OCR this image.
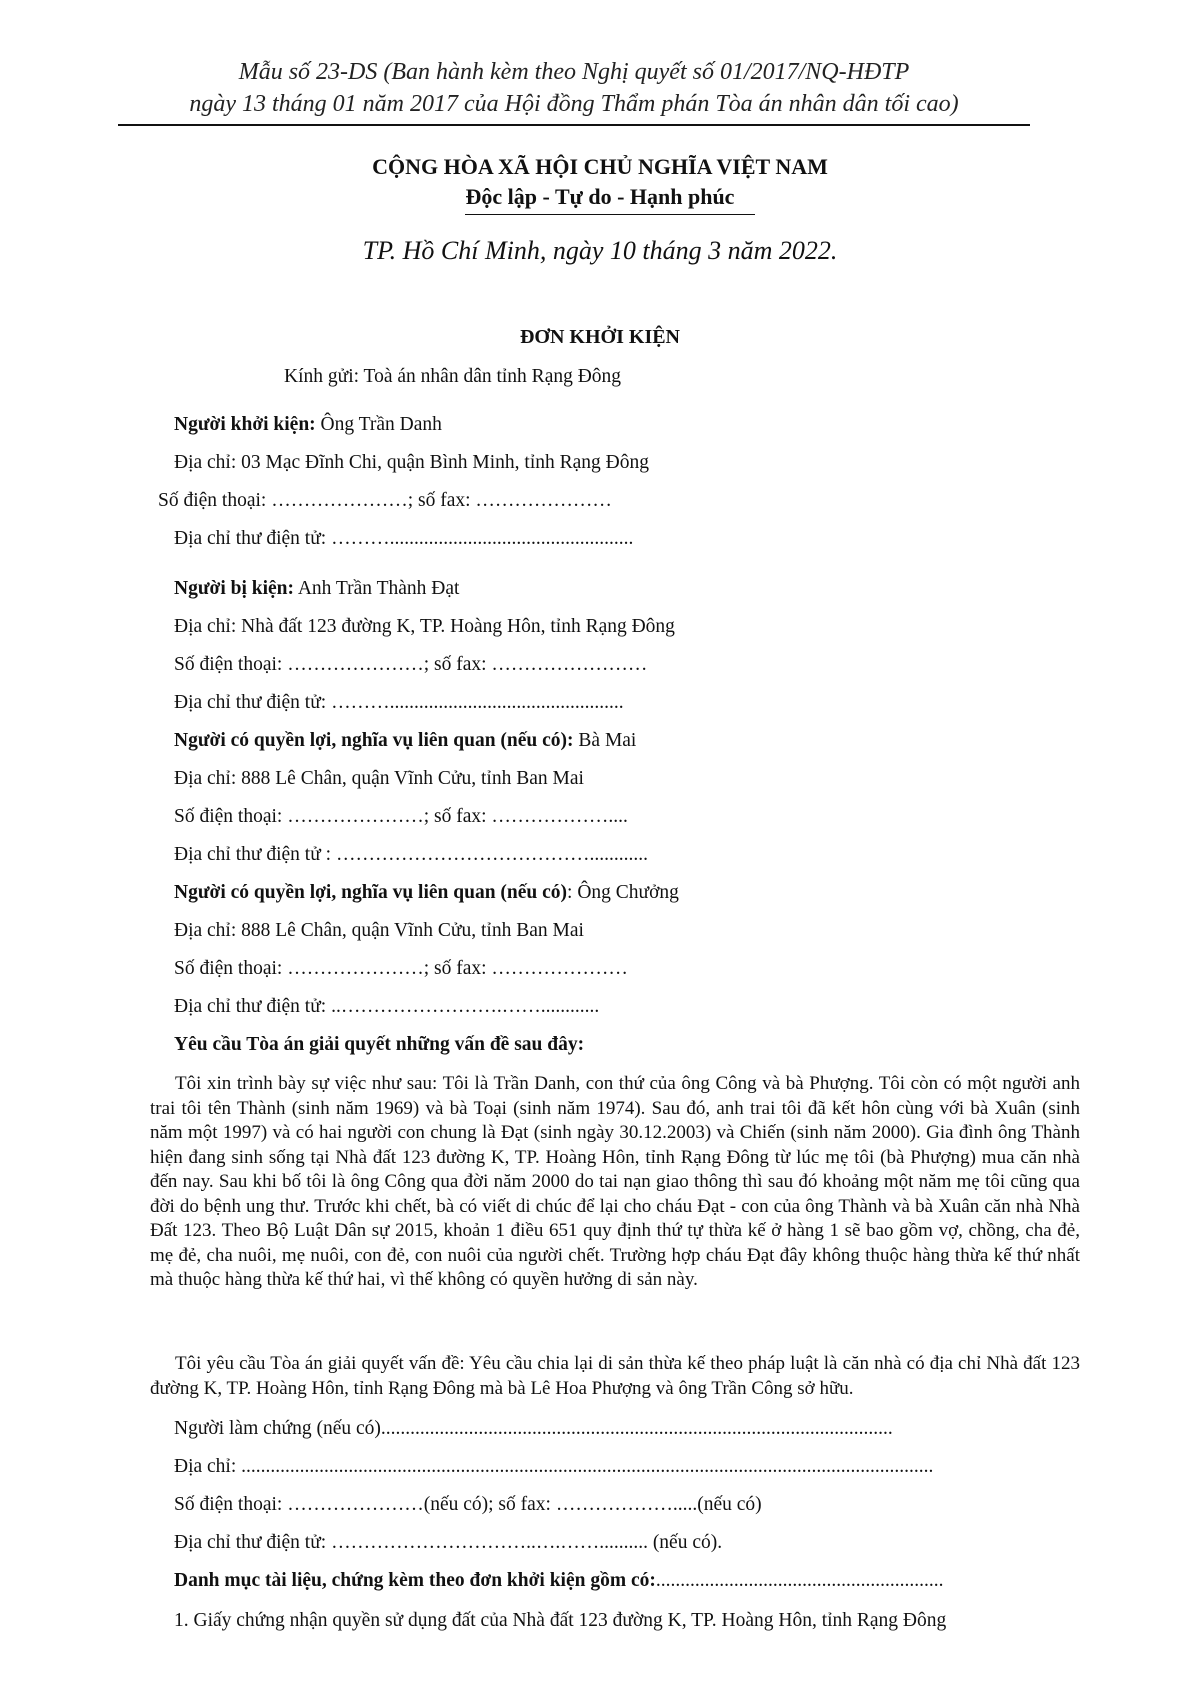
Mẫu số 23-DS (Ban hành kèm theo Nghị quyết số 01/2017/NQ-HĐTP
ngày 13 tháng 01 năm 2017 của Hội đồng Thẩm phán Tòa án nhân dân tối cao)
CỘNG HÒA XÃ HỘI CHỦ NGHĨA VIỆT NAM
Độc lập - Tự do - Hạnh phúc
TP. Hồ Chí Minh, ngày 10 tháng 3 năm 2022.
ĐƠN KHỞI KIỆN
Kính gửi: Toà án nhân dân tỉnh Rạng Đông
Người khởi kiện: Ông Trần Danh
Địa chỉ: 03 Mạc Đĩnh Chi, quận Bình Minh, tỉnh Rạng Đông
Số điện thoại: …………………; số fax: …………………
Địa chỉ thư điện tử: ………..................................................
Người bị kiện: Anh Trần Thành Đạt
Địa chỉ: Nhà đất 123 đường K, TP. Hoàng Hôn, tỉnh Rạng Đông
Số điện thoại: …………………; số fax: ……………………
Địa chỉ thư điện tử: ………................................................
Người có quyền lợi, nghĩa vụ liên quan (nếu có): Bà Mai
Địa chỉ: 888 Lê Chân, quận Vĩnh Cửu, tỉnh Ban Mai
Số điện thoại: …………………; số fax: ………………....
Địa chỉ thư điện tử : …………………………………............
Người có quyền lợi, nghĩa vụ liên quan (nếu có): Ông Chưởng
Địa chỉ: 888 Lê Chân, quận Vĩnh Cửu, tỉnh Ban Mai
Số điện thoại: …………………; số fax: …………………
Địa chỉ thư điện tử: ..…………………….……............
Yêu cầu Tòa án giải quyết những vấn đề sau đây:
Tôi xin trình bày sự việc như sau: Tôi là Trần Danh, con thứ của ông Công và bà Phượng. Tôi còn có một người anh trai tôi tên Thành (sinh năm 1969) và bà Toại (sinh năm 1974). Sau đó, anh trai tôi đã kết hôn cùng với bà Xuân (sinh năm một 1997) và có hai người con chung là Đạt (sinh ngày 30.12.2003) và Chiến (sinh năm 2000). Gia đình ông Thành hiện đang sinh sống tại Nhà đất 123 đường K, TP. Hoàng Hôn, tỉnh Rạng Đông từ lúc mẹ tôi (bà Phượng) mua căn nhà đến nay. Sau khi bố tôi là ông Công qua đời năm 2000 do tai nạn giao thông thì sau đó khoảng một năm mẹ tôi cũng qua đời do bệnh ung thư. Trước khi chết, bà có viết di chúc để lại cho cháu Đạt - con của ông Thành và bà Xuân căn nhà Nhà Đất 123. Theo Bộ Luật Dân sự 2015, khoản 1 điều 651 quy định thứ tự thừa kế ở hàng 1 sẽ bao gồm vợ, chồng, cha đẻ, mẹ đẻ, cha nuôi, mẹ nuôi, con đẻ, con nuôi của người chết. Trường hợp cháu Đạt đây không thuộc hàng thừa kế thứ nhất mà thuộc hàng thừa kế thứ hai, vì thế không có quyền hưởng di sản này.
Tôi yêu cầu Tòa án giải quyết vấn đề: Yêu cầu chia lại di sản thừa kế theo pháp luật là căn nhà có địa chỉ Nhà đất 123 đường K, TP. Hoàng Hôn, tỉnh Rạng Đông mà bà Lê Hoa Phượng và ông Trần Công sở hữu.
Người làm chứng (nếu có).........................................................................................................
Địa chỉ: ..............................................................................................................................................
Số điện thoại: …………………(nếu có); số fax: ……………….....(nếu có)
Địa chỉ thư điện tử: …………………………..….…….......... (nếu có).
Danh mục tài liệu, chứng kèm theo đơn khởi kiện gồm có:...........................................................
1. Giấy chứng nhận quyền sử dụng đất của Nhà đất 123 đường K, TP. Hoàng Hôn, tỉnh Rạng Đông
